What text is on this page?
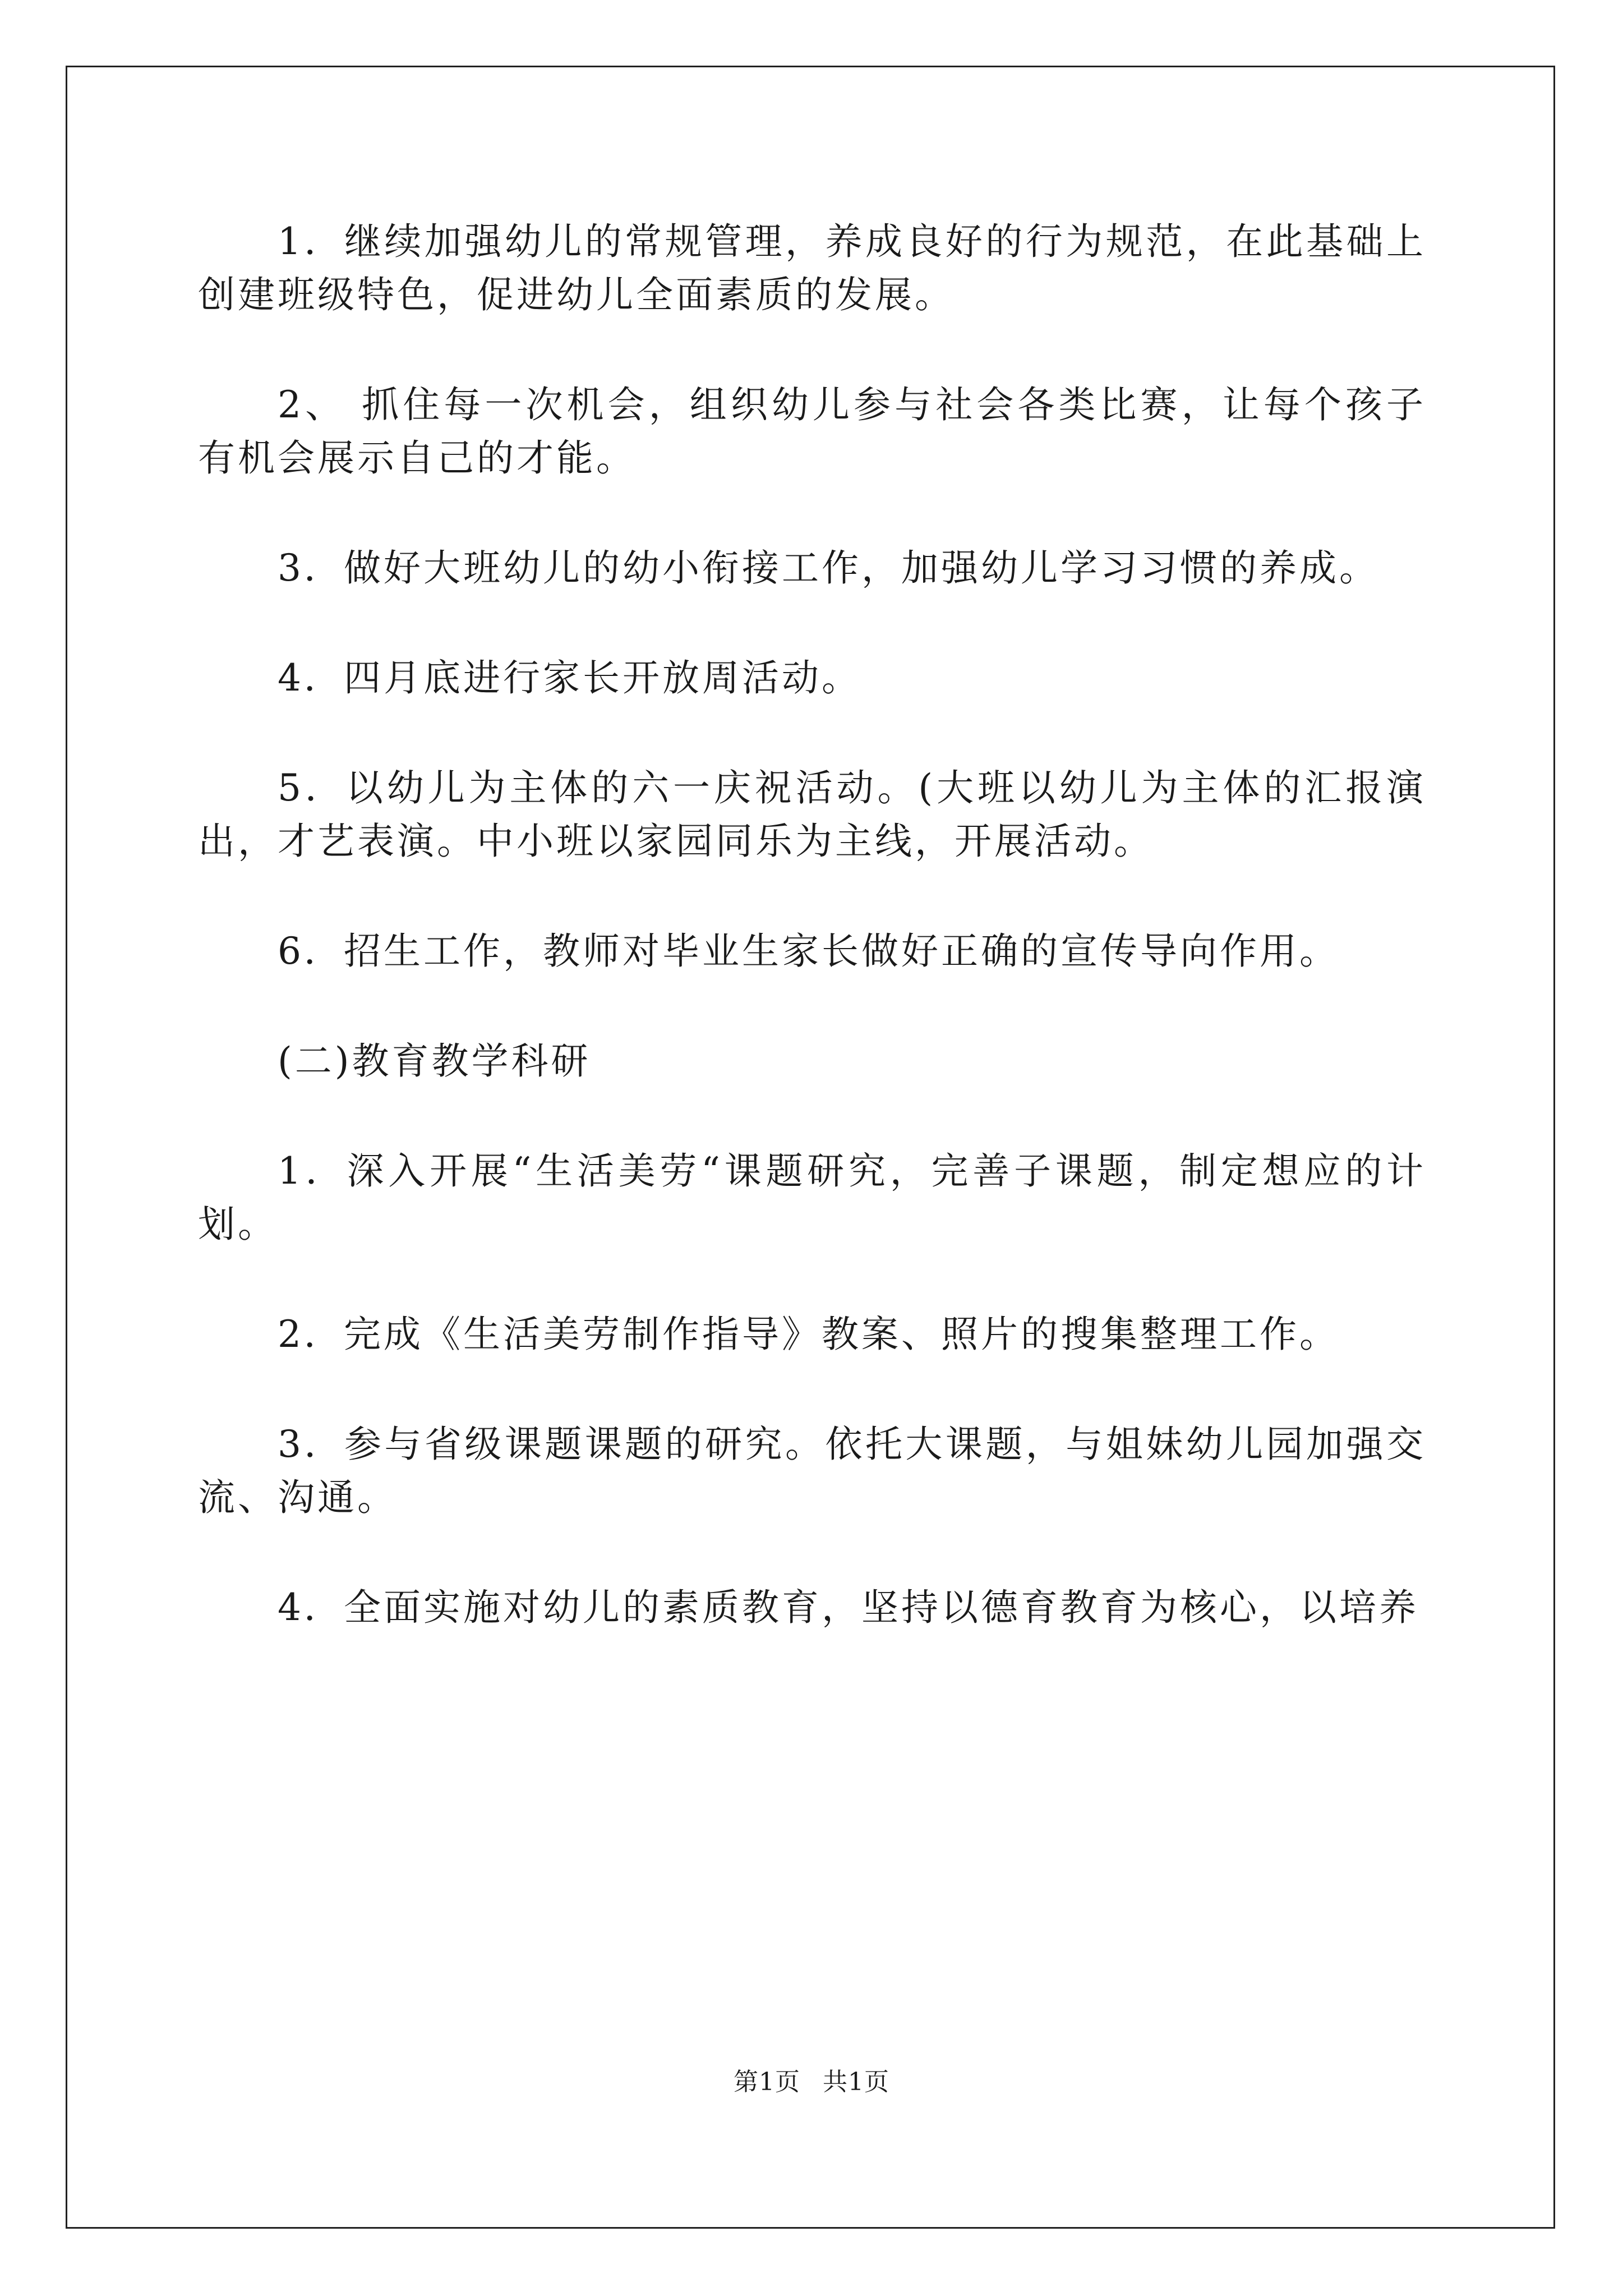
1．继续加强幼儿的常规管理，养成良好的行为规范，在此基础上创建班级特色，促进幼儿全面素质的发展。

2、 抓住每一次机会，组织幼儿参与社会各类比赛，让每个孩子有机会展示自己的才能。

3．做好大班幼儿的幼小衔接工作，加强幼儿学习习惯的养成。

4．四月底进行家长开放周活动。

5．以幼儿为主体的六一庆祝活动。(大班以幼儿为主体的汇报演出，才艺表演。中小班以家园同乐为主线，开展活动。

6．招生工作，教师对毕业生家长做好正确的宣传导向作用。

(二)教育教学科研

1．深入开展“生活美劳“课题研究，完善子课题，制定想应的计划。

2．完成《生活美劳制作指导》教案、照片的搜集整理工作。

3．参与省级课题课题的研究。依托大课题，与姐妹幼儿园加强交流、沟通。

4．全面实施对幼儿的素质教育，坚持以德育教育为核心，以培养

第1页 共1页
